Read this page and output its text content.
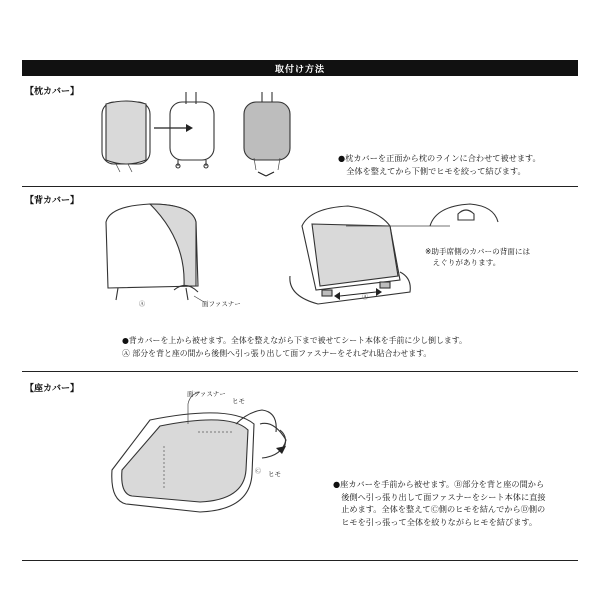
取付け方法
【枕カバー】
●枕カバーを正面から枕のラインに合わせて被せます。
　全体を整えてから下側でヒモを絞って結びます。
【背カバー】
Ⓐ	面ファスナー
Ⓐ
※助手席側のカバーの背面には
　えぐりがあります。
●背カバーを上から被せます。全体を整えながら下まで被せてシート本体を手前に少し倒します。
Ⓐ 部分を背と座の間から後側へ引っ張り出して面ファスナーをそれぞれ貼合わせます。
【座カバー】	面ファスナー
ヒモ
Ⓒ ヒモ
●座カバーを手前から被せます。Ⓑ部分を背と座の間から
　後側へ引っ張り出して面ファスナーをシート本体に直接
　止めます。全体を整えてⒸ側のヒモを結んでからⒹ側の
　ヒモを引っ張って全体を絞りながらヒモを結びます。
